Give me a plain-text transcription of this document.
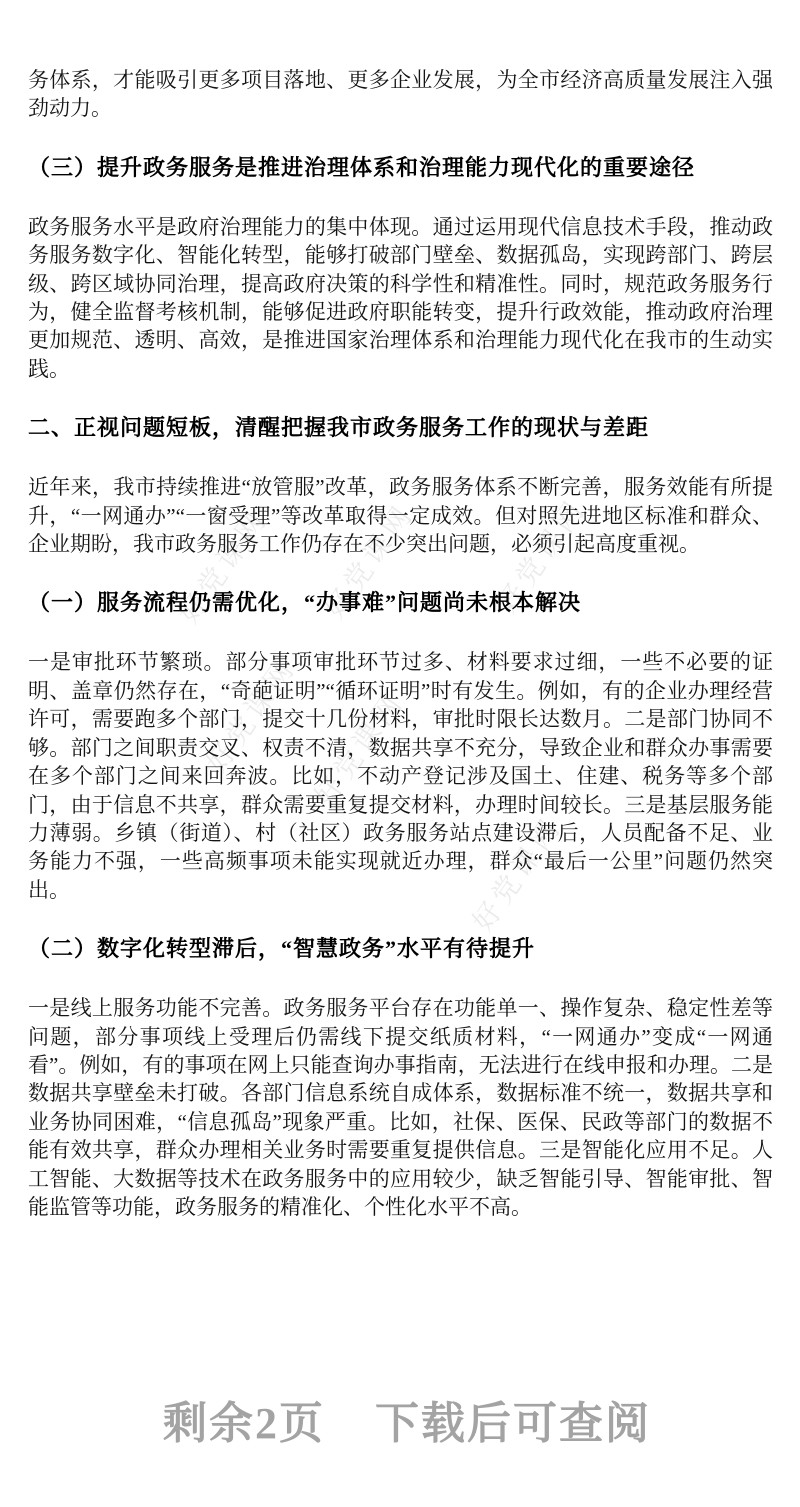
好党课网 好党课网	好党课网
好党课网 好党课网
好党课网

务体系，才能吸引更多项目落地、更多企业发展，为全市经济高质量发展注入强劲动力。

（三）提升政务服务是推进治理体系和治理能力现代化的重要途径

政务服务水平是政府治理能力的集中体现。通过运用现代信息技术手段，推动政务服务数字化、智能化转型，能够打破部门壁垒、数据孤岛，实现跨部门、跨层级、跨区域协同治理，提高政府决策的科学性和精准性。同时，规范政务服务行为，健全监督考核机制，能够促进政府职能转变，提升行政效能，推动政府治理更加规范、透明、高效，是推进国家治理体系和治理能力现代化在我市的生动实践。

二、正视问题短板，清醒把握我市政务服务工作的现状与差距

近年来，我市持续推进“放管服”改革，政务服务体系不断完善，服务效能有所提升，“一网通办”“一窗受理”等改革取得一定成效。但对照先进地区标准和群众、企业期盼，我市政务服务工作仍存在不少突出问题，必须引起高度重视。

（一）服务流程仍需优化，“办事难”问题尚未根本解决

一是审批环节繁琐。部分事项审批环节过多、材料要求过细，一些不必要的证明、盖章仍然存在，“奇葩证明”“循环证明”时有发生。例如，有的企业办理经营许可，需要跑多个部门，提交十几份材料，审批时限长达数月。二是部门协同不够。部门之间职责交叉、权责不清，数据共享不充分，导致企业和群众办事需要在多个部门之间来回奔波。比如，不动产登记涉及国土、住建、税务等多个部门，由于信息不共享，群众需要重复提交材料，办理时间较长。三是基层服务能力薄弱。乡镇（街道）、村（社区）政务服务站点建设滞后，人员配备不足、业务能力不强，一些高频事项未能实现就近办理，群众“最后一公里”问题仍然突出。

（二）数字化转型滞后，“智慧政务”水平有待提升

一是线上服务功能不完善。政务服务平台存在功能单一、操作复杂、稳定性差等问题，部分事项线上受理后仍需线下提交纸质材料，“一网通办”变成“一网通看”。例如，有的事项在网上只能查询办事指南，无法进行在线申报和办理。二是数据共享壁垒未打破。各部门信息系统自成体系，数据标准不统一，数据共享和业务协同困难，“信息孤岛”现象严重。比如，社保、医保、民政等部门的数据不能有效共享，群众办理相关业务时需要重复提供信息。三是智能化应用不足。人工智能、大数据等技术在政务服务中的应用较少，缺乏智能引导、智能审批、智能监管等功能，政务服务的精准化、个性化水平不高。

剩余2页 下载后可查阅
